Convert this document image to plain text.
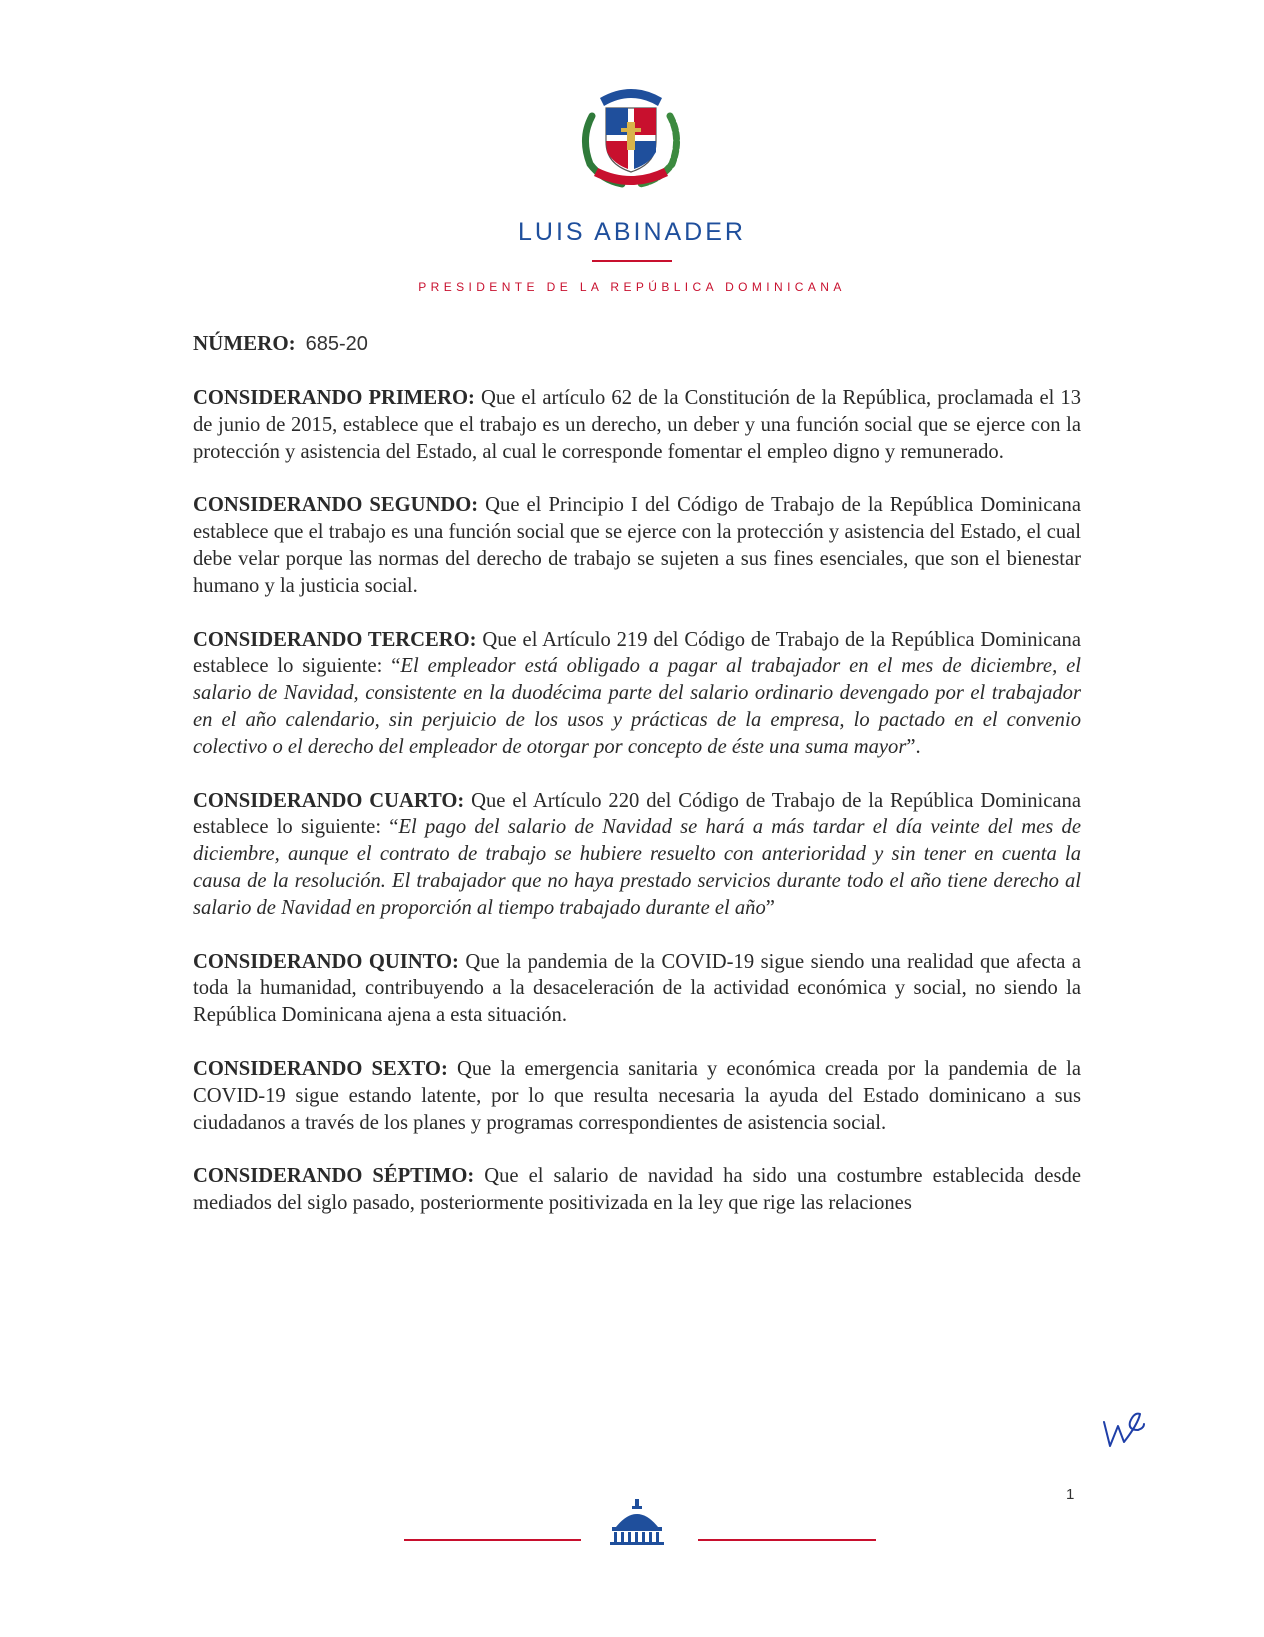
LUIS ABINADER
PRESIDENTE DE LA REPÚBLICA DOMINICANA
NÚMERO: 685-20

CONSIDERANDO PRIMERO: Que el artículo 62 de la Constitución de la República, proclamada el 13 de junio de 2015, establece que el trabajo es un derecho, un deber y una función social que se ejerce con la protección y asistencia del Estado, al cual le corresponde fomentar el empleo digno y remunerado.

CONSIDERANDO SEGUNDO: Que el Principio I del Código de Trabajo de la República Dominicana establece que el trabajo es una función social que se ejerce con la protección y asistencia del Estado, el cual debe velar porque las normas del derecho de trabajo se sujeten a sus fines esenciales, que son el bienestar humano y la justicia social.

CONSIDERANDO TERCERO: Que el Artículo 219 del Código de Trabajo de la República Dominicana establece lo siguiente: “El empleador está obligado a pagar al trabajador en el mes de diciembre, el salario de Navidad, consistente en la duodécima parte del salario ordinario devengado por el trabajador en el año calendario, sin perjuicio de los usos y prácticas de la empresa, lo pactado en el convenio colectivo o el derecho del empleador de otorgar por concepto de éste una suma mayor”.

CONSIDERANDO CUARTO: Que el Artículo 220 del Código de Trabajo de la República Dominicana establece lo siguiente: “El pago del salario de Navidad se hará a más tardar el día veinte del mes de diciembre, aunque el contrato de trabajo se hubiere resuelto con anterioridad y sin tener en cuenta la causa de la resolución. El trabajador que no haya prestado servicios durante todo el año tiene derecho al salario de Navidad en proporción al tiempo trabajado durante el año”

CONSIDERANDO QUINTO: Que la pandemia de la COVID-19 sigue siendo una realidad que afecta a toda la humanidad, contribuyendo a la desaceleración de la actividad económica y social, no siendo la República Dominicana ajena a esta situación.

CONSIDERANDO SEXTO: Que la emergencia sanitaria y económica creada por la pandemia de la COVID-19 sigue estando latente, por lo que resulta necesaria la ayuda del Estado dominicano a sus ciudadanos a través de los planes y programas correspondientes de asistencia social.

CONSIDERANDO SÉPTIMO: Que el salario de navidad ha sido una costumbre establecida desde mediados del siglo pasado, posteriormente positivizada en la ley que rige las relaciones

1
